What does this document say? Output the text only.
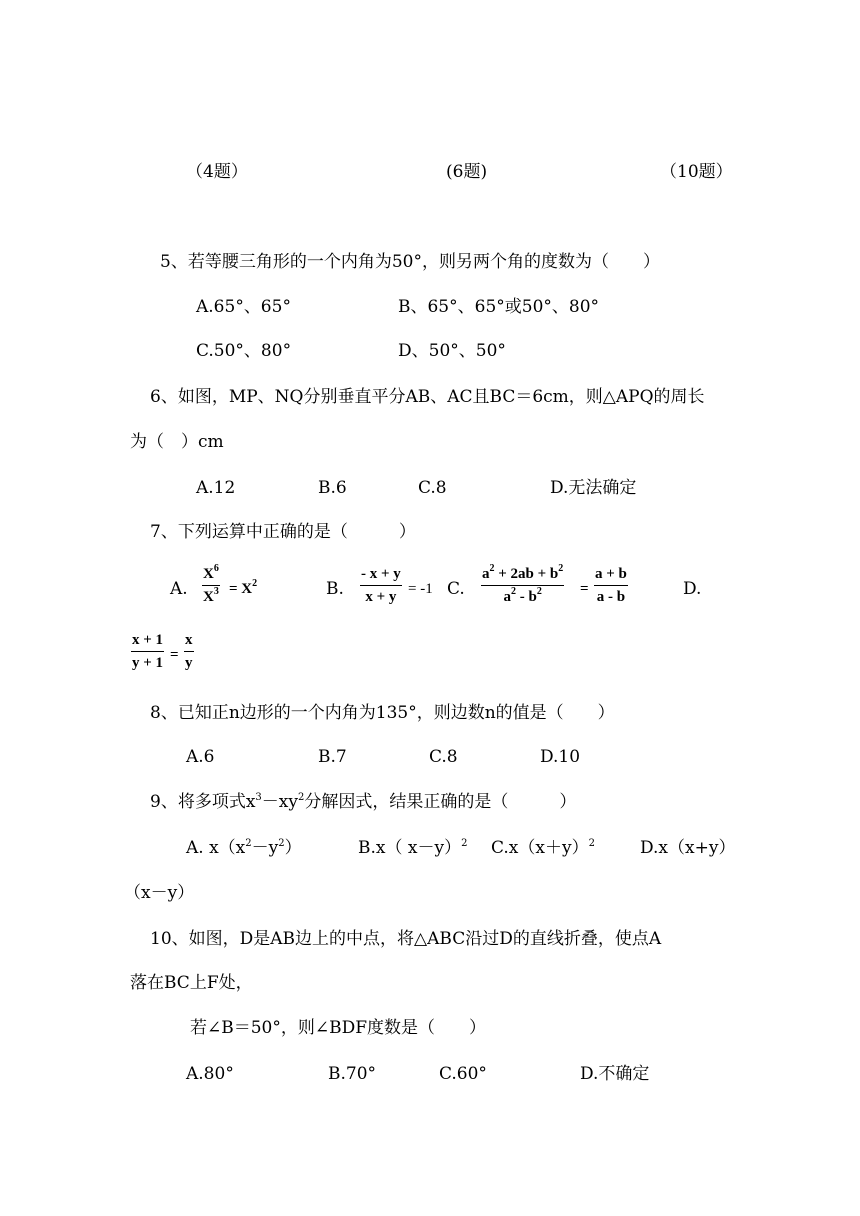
（4题）	(6题)	（10题）
5、若等腰三角形的一个内角为50°，则另两个角的度数为（　　）
A.65°、65°	B、65°、65°或50°、80°
C.50°、80°	D、50°、50°
6、如图，MP、NQ分别垂直平分AB、AC且BC＝6cm，则△APQ的周长
为（　）cm
A.12	B.6	C.8	D.无法确定
7、下列运算中正确的是（　　　）
A. $\frac{X^6}{X^3} = X^2$	B. $\frac{- x + y}{x + y} = -1$ C. $\frac{a^2 + 2ab + b^2}{a^2 - b^2} = \frac{a + b}{a - b}$	D.
$\frac{x + 1}{y + 1} = \frac{x}{y}$
8、已知正n边形的一个内角为135°，则边数n的值是（　　）
A.6	B.7	C.8	D.10
9、将多项式$x^3-xy^2$分解因式，结果正确的是（　　　）
A. $x(x^2-y^2)$	B.x（ x－y）$^2$ $C.x(x+y)^2$	D.x（x+y）
（x－y）
10、如图，D是AB边上的中点，将△ABC沿过D的直线折叠，使点A
落在BC上F处，
若∠B＝50°，则∠BDF度数是（　　）
A.80°	B.70°	C.60°	D.不确定
